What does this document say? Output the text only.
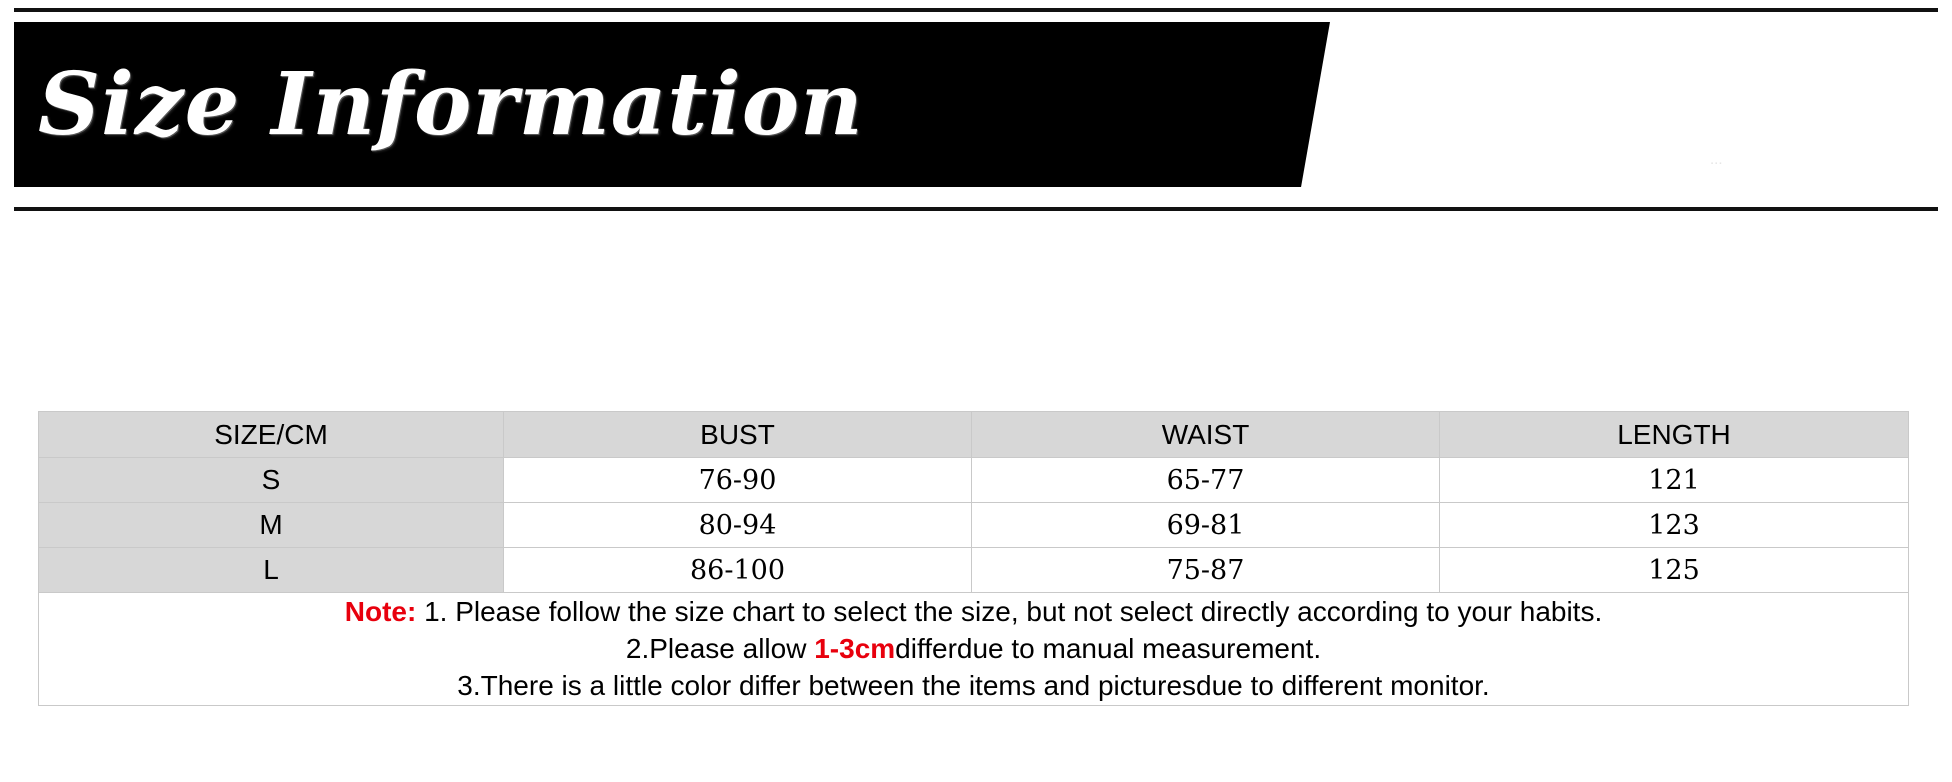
Size Information
...
SIZE/CM	BUST	WAIST	LENGTH
S	76-90	65-77	121
M	80-94	69-81	123
L	86-100	75-87	125

Note: 1. Please follow the size chart to select the size, but not select directly according to your habits.
2.Please allow 1-3cmdifferdue to manual measurement.
3.There is a little color differ between the items and picturesdue to different monitor.			
